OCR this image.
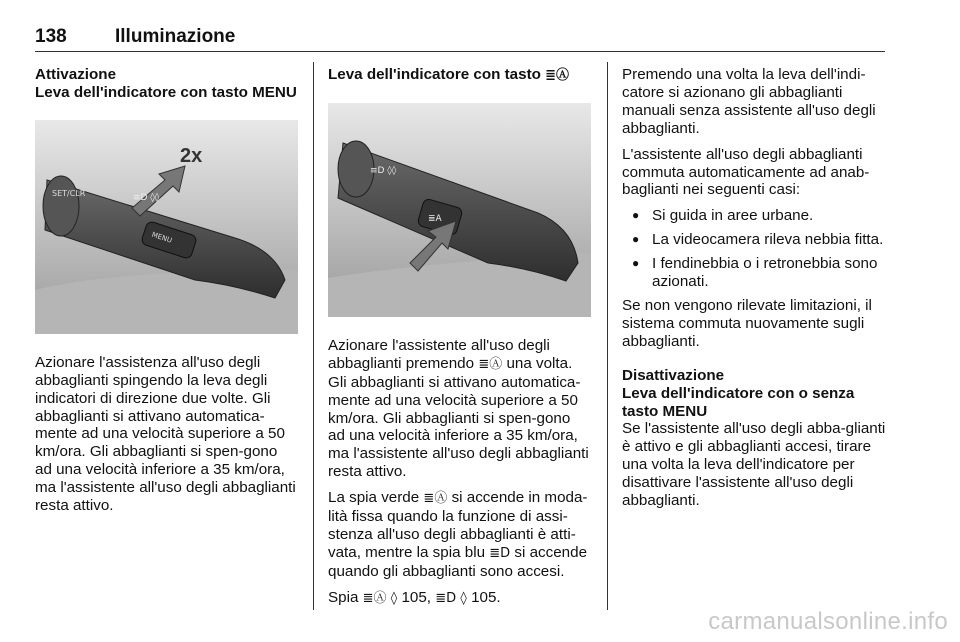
138	Illuminazione
Attivazione
Leva dell'indicatore con tasto MENU
SET/CLR
2x
MENU
≡D ◊◊

Azionare l'assistenza all'uso degli abbaglianti spingendo la leva degli indicatori di direzione due volte. Gli abbaglianti si attivano automatica-mente ad una velocità superiore a 50 km/ora. Gli abbaglianti si spen-gono ad una velocità inferiore a 35 km/ora, ma l'assistente all'uso degli abbaglianti resta attivo.

Leva dell'indicatore con tasto ≣Ⓐ
≣A
≡D ◊◊

Azionare l'assistente all'uso degli abbaglianti premendo ≣Ⓐ una volta. Gli abbaglianti si attivano automatica-mente ad una velocità superiore a 50 km/ora. Gli abbaglianti si spen-gono ad una velocità inferiore a 35 km/ora, ma l'assistente all'uso degli abbaglianti resta attivo.

La spia verde ≣Ⓐ si accende in moda-lità fissa quando la funzione di assi-stenza all'uso degli abbaglianti è atti-vata, mentre la spia blu ≣D si accende quando gli abbaglianti sono accesi.

Spia ≣Ⓐ ◊ 105, ≣D ◊ 105.

Premendo una volta la leva dell'indi-catore si azionano gli abbaglianti manuali senza assistente all'uso degli abbaglianti.

L'assistente all'uso degli abbaglianti commuta automaticamente ad anab-baglianti nei seguenti casi:

● Si guida in aree urbane.
● La videocamera rileva nebbia fitta.
● I fendinebbia o i retronebbia sono azionati.

Se non vengono rilevate limitazioni, il sistema commuta nuovamente sugli abbaglianti.

Disattivazione
Leva dell'indicatore con o senza tasto MENU

Se l'assistente all'uso degli abba-glianti è attivo e gli abbaglianti accesi, tirare una volta la leva dell'indicatore per disattivare l'assistente all'uso degli abbaglianti.

carmanualsonline.info
